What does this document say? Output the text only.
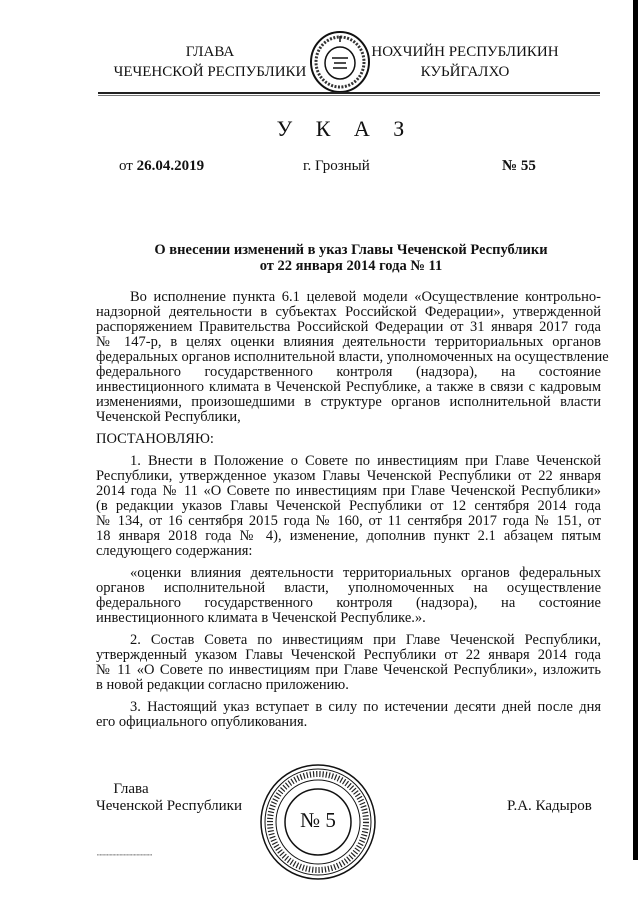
ГЛАВА
ЧЕЧЕНСКОЙ РЕСПУБЛИКИ
НОХЧИЙН РЕСПУБЛИКИН
КУЬЙГАЛХО
У К А З
от 26.04.2019	г. Грозный	№ 55
О внесении изменений в указ Главы Чеченской Республики
от 22 января 2014 года № 11
Во исполнение пункта 6.1 целевой модели «Осуществление контрольно-
надзорной деятельности в субъектах Российской Федерации», утвержденной
распоряжением Правительства Российской Федерации от 31 января 2017 года
№ 147-р, в целях оценки влияния деятельности территориальных органов
федеральных органов исполнительной власти, уполномоченных на осуществление
федерального государственного контроля (надзора), на состояние
инвестиционного климата в Чеченской Республике, а также в связи с кадровым
изменениями, произошедшими в структуре органов исполнительной власти
Чеченской Республики,
ПОСТАНОВЛЯЮ:
1. Внести в Положение о Совете по инвестициям при Главе Чеченской
Республики, утвержденное указом Главы Чеченской Республики от 22 января
2014 года № 11 «О Совете по инвестициям при Главе Чеченской Республики»
(в редакции указов Главы Чеченской Республики от 12 сентября 2014 года
№ 134, от 16 сентября 2015 года № 160, от 11 сентября 2017 года № 151, от
18 января 2018 года № 4), изменение, дополнив пункт 2.1 абзацем пятым
следующего содержания:
«оценки влияния деятельности территориальных органов федеральных
органов исполнительной власти, уполномоченных на осуществление
федерального государственного контроля (надзора), на состояние
инвестиционного климата в Чеченской Республике.».
2. Состав Совета по инвестициям при Главе Чеченской Республики,
утвержденный указом Главы Чеченской Республики от 22 января 2014 года
№ 11 «О Совете по инвестициям при Главе Чеченской Республики», изложить
в новой редакции согласно приложению.
3. Настоящий указ вступает в силу по истечении десяти дней после дня
его официального опубликования.
Глава
Чеченской Республики	Р.А. Кадыров
№ 5
▪▪▪▪▪▪▪▪▪▪▪▪▪▪▪▪▪▪▪▪▪▪▪▪▪▪▪▪▪▪▪▪▪▪▪▪▪▪▪
